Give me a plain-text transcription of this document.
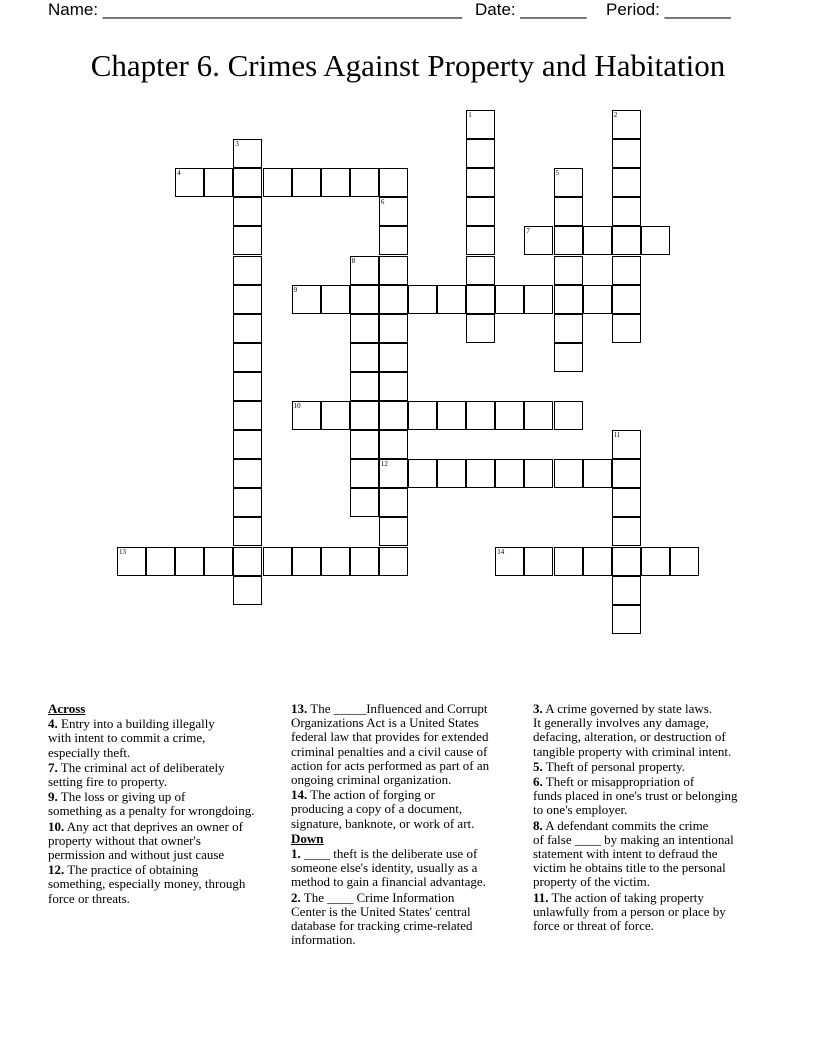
Name: ______________________________________ Date: _______ Period: _______
Chapter 6. Crimes Against Property and Habitation
1	2
3
4	5
6
12
7
8
9
10
11
13	14
Across
4. Entry into a building illegally
with intent to commit a crime,
especially theft.
7. The criminal act of deliberately
setting fire to property.
9. The loss or giving up of
something as a penalty for wrongdoing.
10. Any act that deprives an owner of
property without that owner's
permission and without just cause
12. The practice of obtaining
something, especially money, through
force or threats.
13. The _____Influenced and Corrupt
Organizations Act is a United States
federal law that provides for extended
criminal penalties and a civil cause of
action for acts performed as part of an
ongoing criminal organization.
14. The action of forging or
producing a copy of a document,
signature, banknote, or work of art.
Down
1. ____ theft is the deliberate use of
someone else's identity, usually as a
method to gain a financial advantage.
2. The ____ Crime Information
Center is the United States' central
database for tracking crime-related
information.
3. A crime governed by state laws.
It generally involves any damage,
defacing, alteration, or destruction of
tangible property with criminal intent.
5. Theft of personal property.
6. Theft or misappropriation of
funds placed in one's trust or belonging
to one's employer.
8. A defendant commits the crime
of false ____ by making an intentional
statement with intent to defraud the
victim he obtains title to the personal
property of the victim.
11. The action of taking property
unlawfully from a person or place by
force or threat of force.
